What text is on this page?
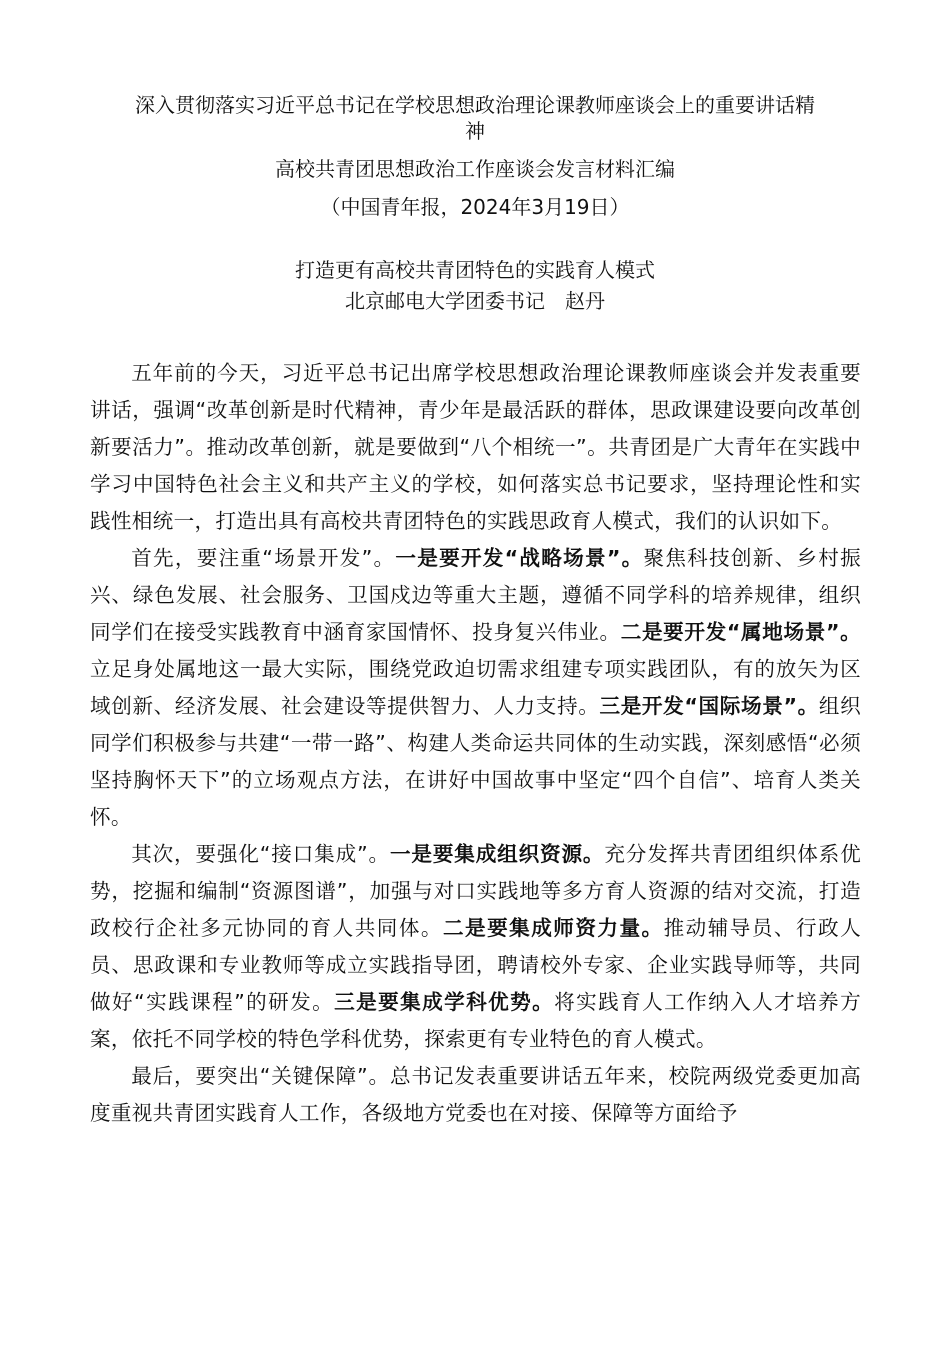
深入贯彻落实习近平总书记在学校思想政治理论课教师座谈会上的重要讲话精
神
高校共青团思想政治工作座谈会发言材料汇编
（中国青年报，2024年3月19日）
打造更有高校共青团特色的实践育人模式
北京邮电大学团委书记　赵丹

五年前的今天，习近平总书记出席学校思想政治理论课教师座谈会并发表重要讲话，强调“改革创新是时代精神，青少年是最活跃的群体，思政课建设要向改革创新要活力”。推动改革创新，就是要做到“八个相统一”。共青团是广大青年在实践中学习中国特色社会主义和共产主义的学校，如何落实总书记要求，坚持理论性和实践性相统一，打造出具有高校共青团特色的实践思政育人模式，我们的认识如下。

首先，要注重“场景开发”。一是要开发“战略场景”。聚焦科技创新、乡村振兴、绿色发展、社会服务、卫国戍边等重大主题，遵循不同学科的培养规律，组织同学们在接受实践教育中涵育家国情怀、投身复兴伟业。二是要开发“属地场景”。立足身处属地这一最大实际，围绕党政迫切需求组建专项实践团队，有的放矢为区域创新、经济发展、社会建设等提供智力、人力支持。三是开发“国际场景”。组织同学们积极参与共建“一带一路”、构建人类命运共同体的生动实践，深刻感悟“必须坚持胸怀天下”的立场观点方法，在讲好中国故事中坚定“四个自信”、培育人类关怀。

其次，要强化“接口集成”。一是要集成组织资源。充分发挥共青团组织体系优势，挖掘和编制“资源图谱”，加强与对口实践地等多方育人资源的结对交流，打造政校行企社多元协同的育人共同体。二是要集成师资力量。推动辅导员、行政人员、思政课和专业教师等成立实践指导团，聘请校外专家、企业实践导师等，共同做好“实践课程”的研发。三是要集成学科优势。将实践育人工作纳入人才培养方案，依托不同学校的特色学科优势，探索更有专业特色的育人模式。

最后，要突出“关键保障”。总书记发表重要讲话五年来，校院两级党委更加高度重视共青团实践育人工作，各级地方党委也在对接、保障等方面给予
